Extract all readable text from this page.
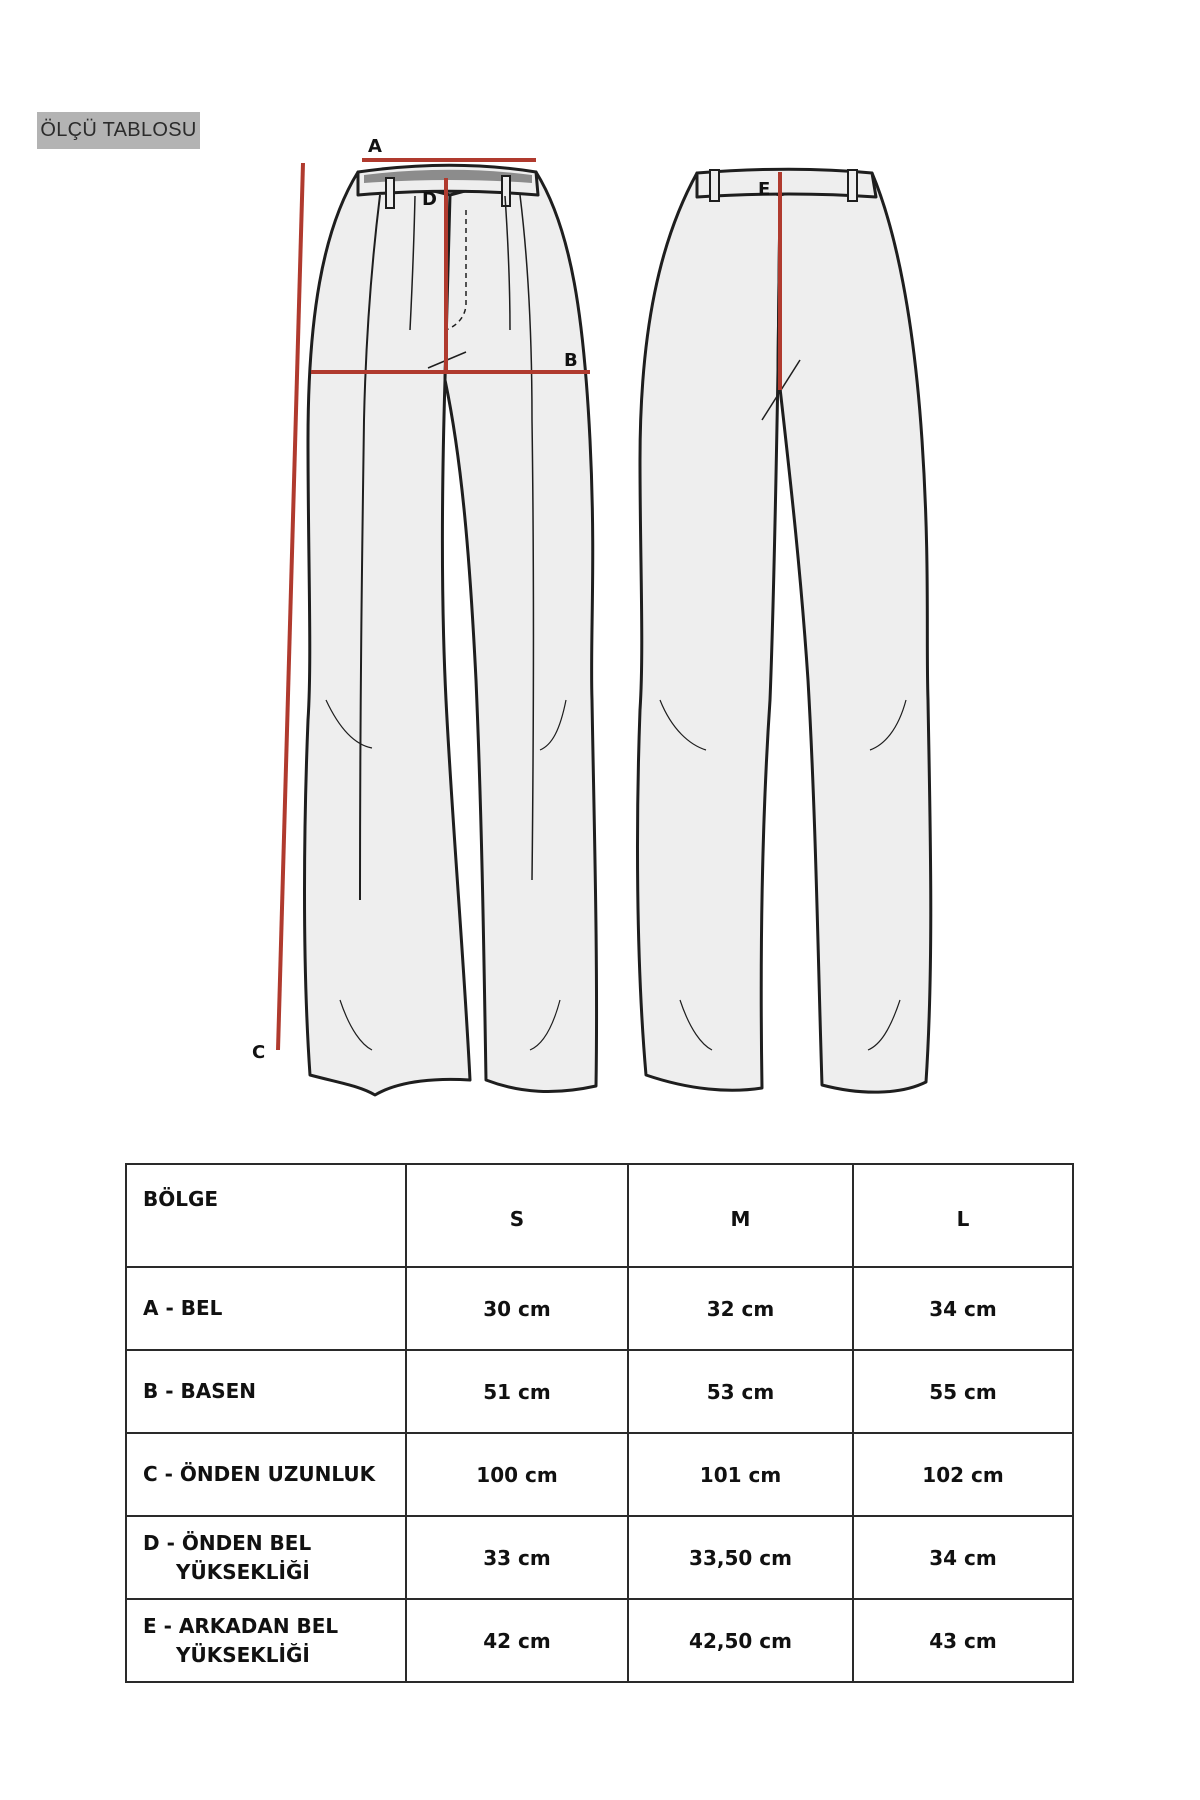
ÖLÇÜ TABLOSU
A
B
C
D	E
BÖLGE	S	M	L

A - BEL	30 cm	32 cm	34 cm

B - BASEN	51 cm	53 cm	55 cm

C - ÖNDEN UZUNLUK	100 cm	101 cm	102 cm

D - ÖNDEN BEL
YÜKSEKLİĞİ	33 cm	33,50 cm	34 cm

E - ARKADAN BEL
YÜKSEKLİĞİ	42 cm	42,50 cm	43 cm
